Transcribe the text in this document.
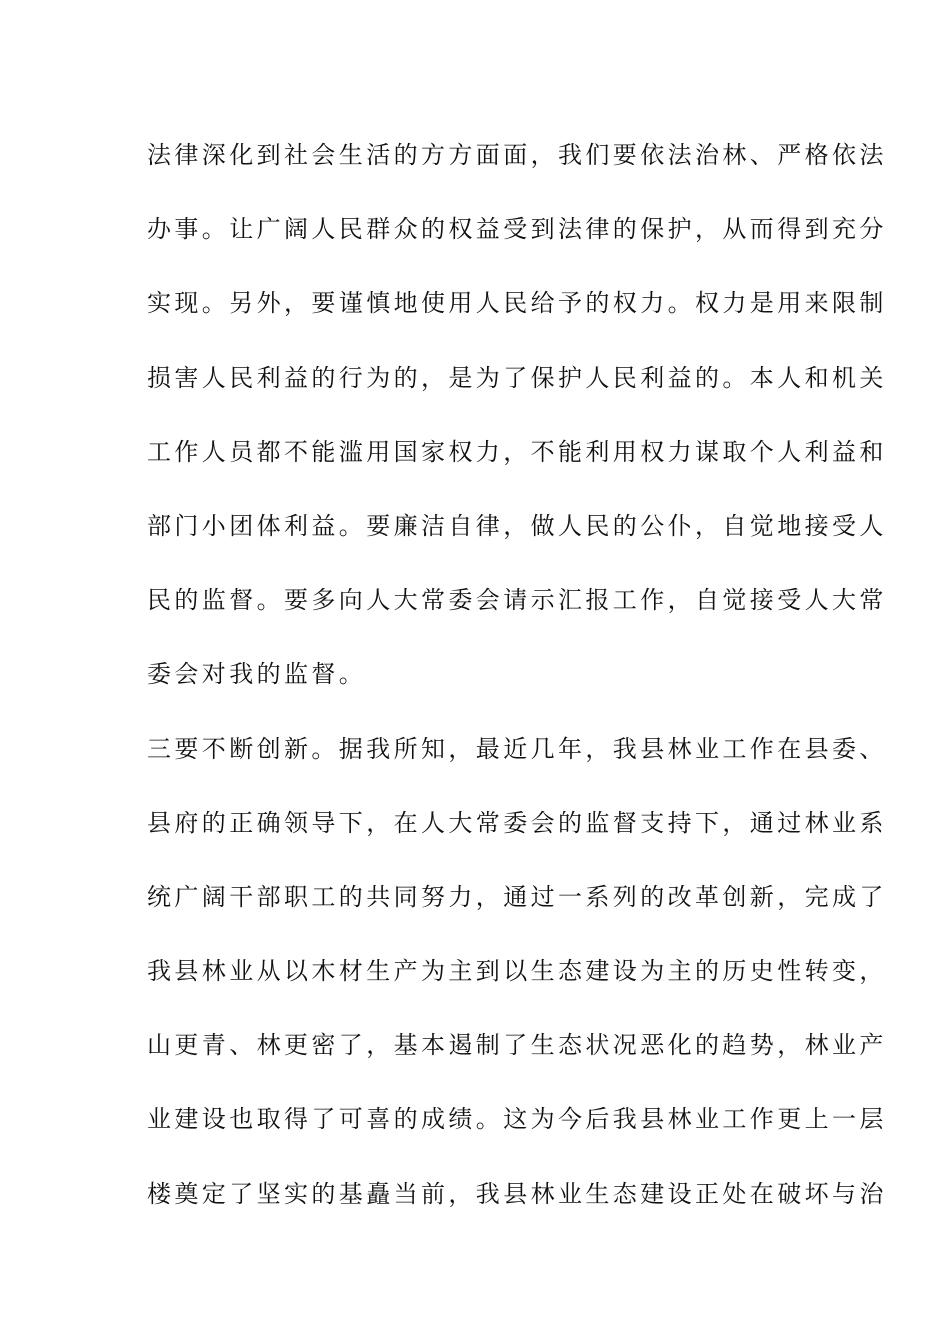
法律深化到社会生活的方方面面，我们要依法治林、严格依法
办事。让广阔人民群众的权益受到法律的保护，从而得到充分
实现。另外，要谨慎地使用人民给予的权力。权力是用来限制
损害人民利益的行为的，是为了保护人民利益的。本人和机关
工作人员都不能滥用国家权力，不能利用权力谋取个人利益和
部门小团体利益。要廉洁自律，做人民的公仆，自觉地接受人
民的监督。要多向人大常委会请示汇报工作，自觉接受人大常
委会对我的监督。
三要不断创新。据我所知，最近几年，我县林业工作在县委、
县府的正确领导下，在人大常委会的监督支持下，通过林业系
统广阔干部职工的共同努力，通过一系列的改革创新，完成了
我县林业从以木材生产为主到以生态建设为主的历史性转变，
山更青、林更密了，基本遏制了生态状况恶化的趋势，林业产
业建设也取得了可喜的成绩。这为今后我县林业工作更上一层
楼奠定了坚实的基矗当前，我县林业生态建设正处在破坏与治
